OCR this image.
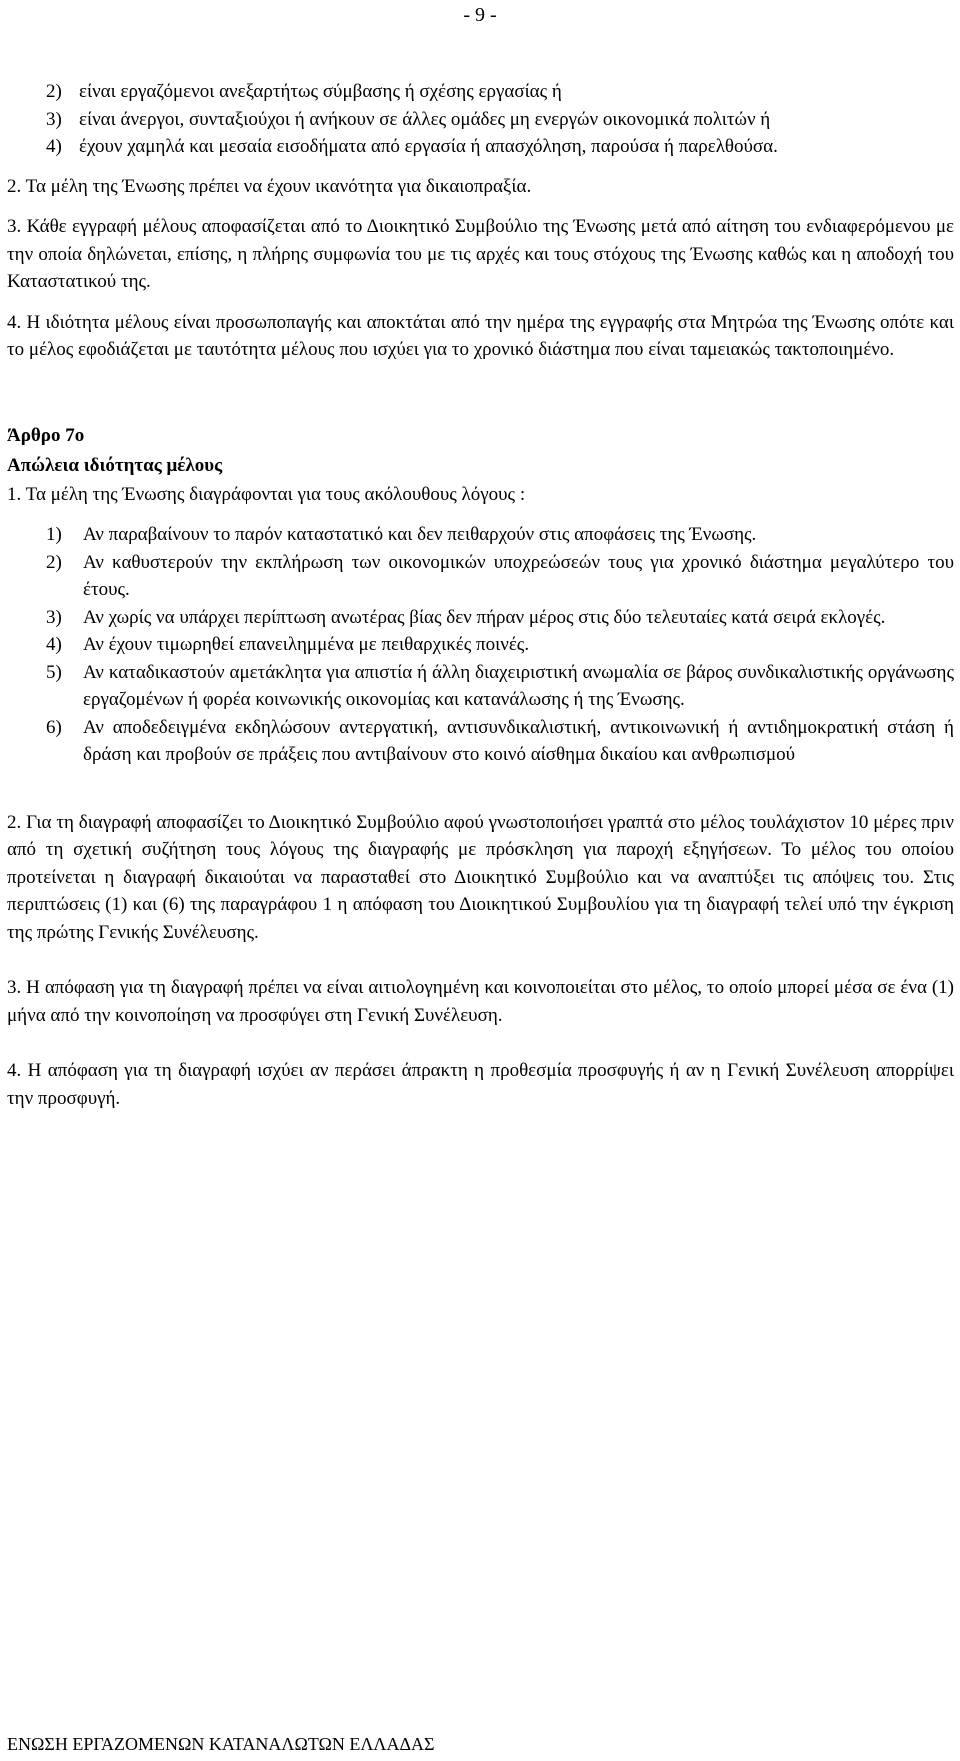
- 9 -
2) είναι εργαζόμενοι ανεξαρτήτως σύμβασης ή σχέσης εργασίας ή
3) είναι άνεργοι, συνταξιούχοι ή ανήκουν σε άλλες ομάδες μη ενεργών οικονομικά πολιτών ή
4) έχουν χαμηλά και μεσαία εισοδήματα από εργασία ή απασχόληση, παρούσα ή παρελθούσα.

2. Τα μέλη της Ένωσης πρέπει να έχουν ικανότητα για δικαιοπραξία.

3. Κάθε εγγραφή μέλους αποφασίζεται από το Διοικητικό Συμβούλιο της Ένωσης μετά από αίτηση του ενδιαφερόμενου με την οποία δηλώνεται, επίσης, η πλήρης συμφωνία του με τις αρχές και τους στόχους της Ένωσης καθώς και η αποδοχή του Καταστατικού της.

4. Η ιδιότητα μέλους είναι προσωποπαγής και αποκτάται από την ημέρα της εγγραφής στα Μητρώα της Ένωσης οπότε και το μέλος εφοδιάζεται με ταυτότητα μέλους που ισχύει για το χρονικό διάστημα που είναι ταμειακώς τακτοποιημένο.

Άρθρο 7ο

Απώλεια ιδιότητας μέλους

1. Τα μέλη της Ένωσης διαγράφονται για τους ακόλουθους λόγους :

1)	Αν παραβαίνουν το παρόν καταστατικό και δεν πειθαρχούν στις αποφάσεις της Ένωσης.
2)	Αν καθυστερούν την εκπλήρωση των οικονομικών υποχρεώσεών τους για χρονικό διάστημα μεγαλύτερο του έτους.
3)	Αν χωρίς να υπάρχει περίπτωση ανωτέρας βίας δεν πήραν μέρος στις δύο τελευταίες κατά σειρά εκλογές.
4)	Αν έχουν τιμωρηθεί επανειλημμένα με πειθαρχικές ποινές.
5)	Αν καταδικαστούν αμετάκλητα για απιστία ή άλλη διαχειριστική ανωμαλία σε βάρος συνδικαλιστικής οργάνωσης εργαζομένων ή φορέα κοινωνικής οικονομίας και κατανάλωσης ή της Ένωσης.
6)	Αν αποδεδειγμένα εκδηλώσουν αντεργατική, αντισυνδικαλιστική, αντικοινωνική ή αντιδημοκρατική στάση ή δράση και προβούν σε πράξεις που αντιβαίνουν στο κοινό αίσθημα δικαίου και ανθρωπισμού

2. Για τη διαγραφή αποφασίζει το Διοικητικό Συμβούλιο αφού γνωστοποιήσει γραπτά στο μέλος τουλάχιστον 10 μέρες πριν από τη σχετική συζήτηση τους λόγους της διαγραφής με πρόσκληση για παροχή εξηγήσεων. Το μέλος του οποίου προτείνεται η διαγραφή δικαιούται να παρασταθεί στο Διοικητικό Συμβούλιο και να αναπτύξει τις απόψεις του. Στις περιπτώσεις (1) και (6) της παραγράφου 1 η απόφαση του Διοικητικού Συμβουλίου για τη διαγραφή τελεί υπό την έγκριση της πρώτης Γενικής Συνέλευσης.

3. Η απόφαση για τη διαγραφή πρέπει να είναι αιτιολογημένη και κοινοποιείται στο μέλος, το οποίο μπορεί μέσα σε ένα (1) μήνα από την κοινοποίηση να προσφύγει στη Γενική Συνέλευση.

4. Η απόφαση για τη διαγραφή ισχύει αν περάσει άπρακτη η προθεσμία προσφυγής ή αν η Γενική Συνέλευση απορρίψει την προσφυγή.

ΕΝΩΣΗ ΕΡΓΑΖΟΜΕΝΩΝ ΚΑΤΑΝΑΛΩΤΩΝ ΕΛΛΑΔΑΣ
